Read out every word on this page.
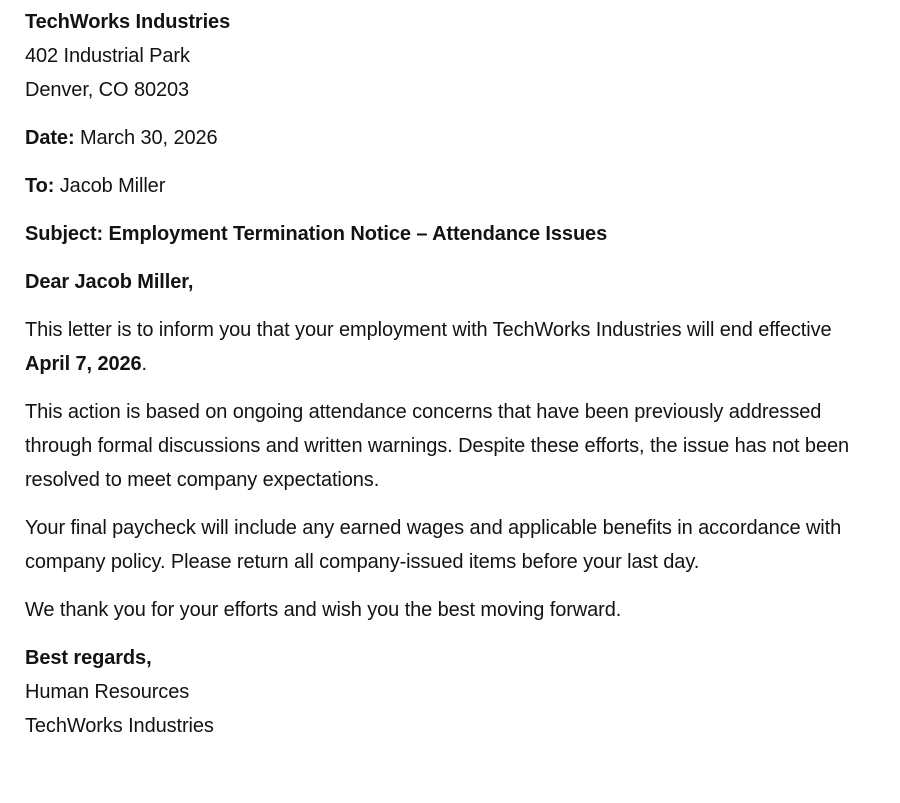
TechWorks Industries
402 Industrial Park
Denver, CO 80203

Date: March 30, 2026

To: Jacob Miller

Subject: Employment Termination Notice – Attendance Issues

Dear Jacob Miller,

This letter is to inform you that your employment with TechWorks Industries will end effective April 7, 2026.

This action is based on ongoing attendance concerns that have been previously addressed through formal discussions and written warnings. Despite these efforts, the issue has not been resolved to meet company expectations.

Your final paycheck will include any earned wages and applicable benefits in accordance with company policy. Please return all company-issued items before your last day.

We thank you for your efforts and wish you the best moving forward.

Best regards,
Human Resources
TechWorks Industries
